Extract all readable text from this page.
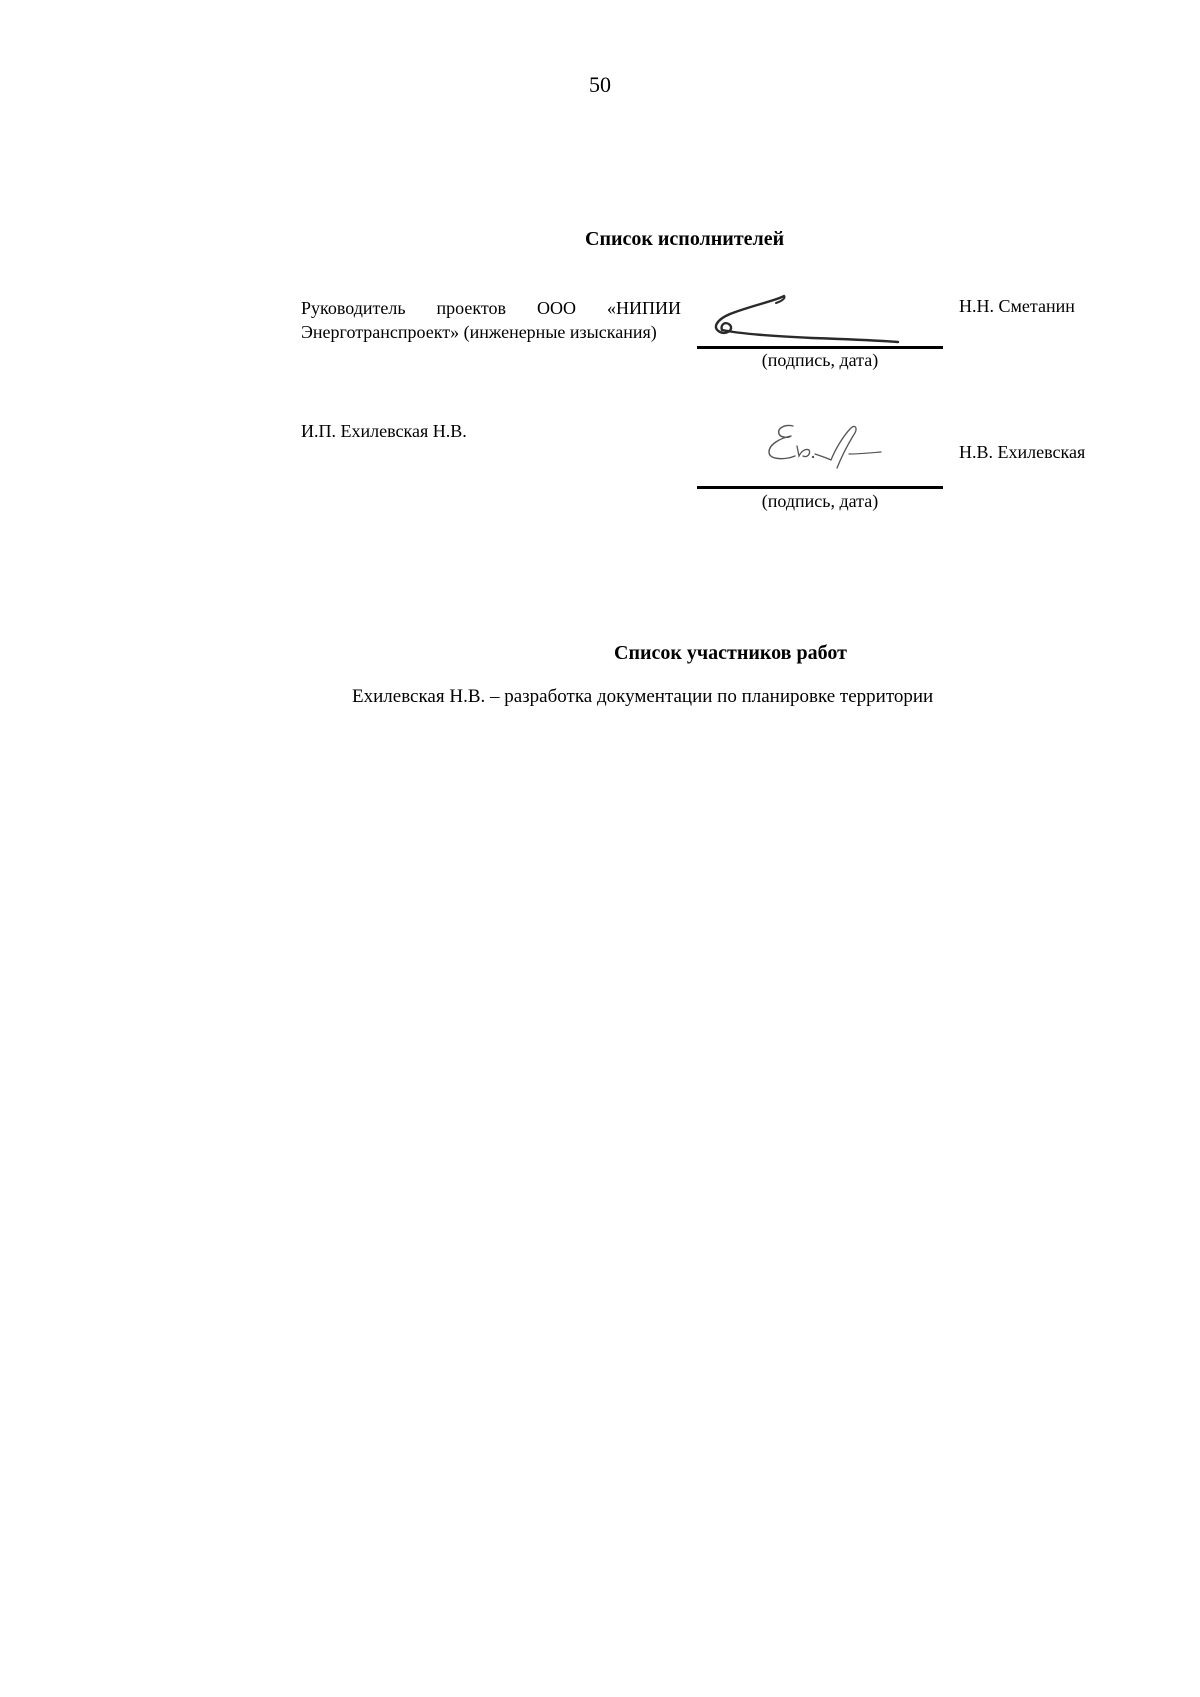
50
Список исполнителей
Руководитель проектов ООО «НИПИИ Энерготранспроект» (инженерные изыскания)
(подпись, дата)
Н.Н. Сметанин
И.П. Ехилевская Н.В.
(подпись, дата)
Н.В. Ехилевская
Список участников работ
Ехилевская Н.В. – разработка документации по планировке территории
